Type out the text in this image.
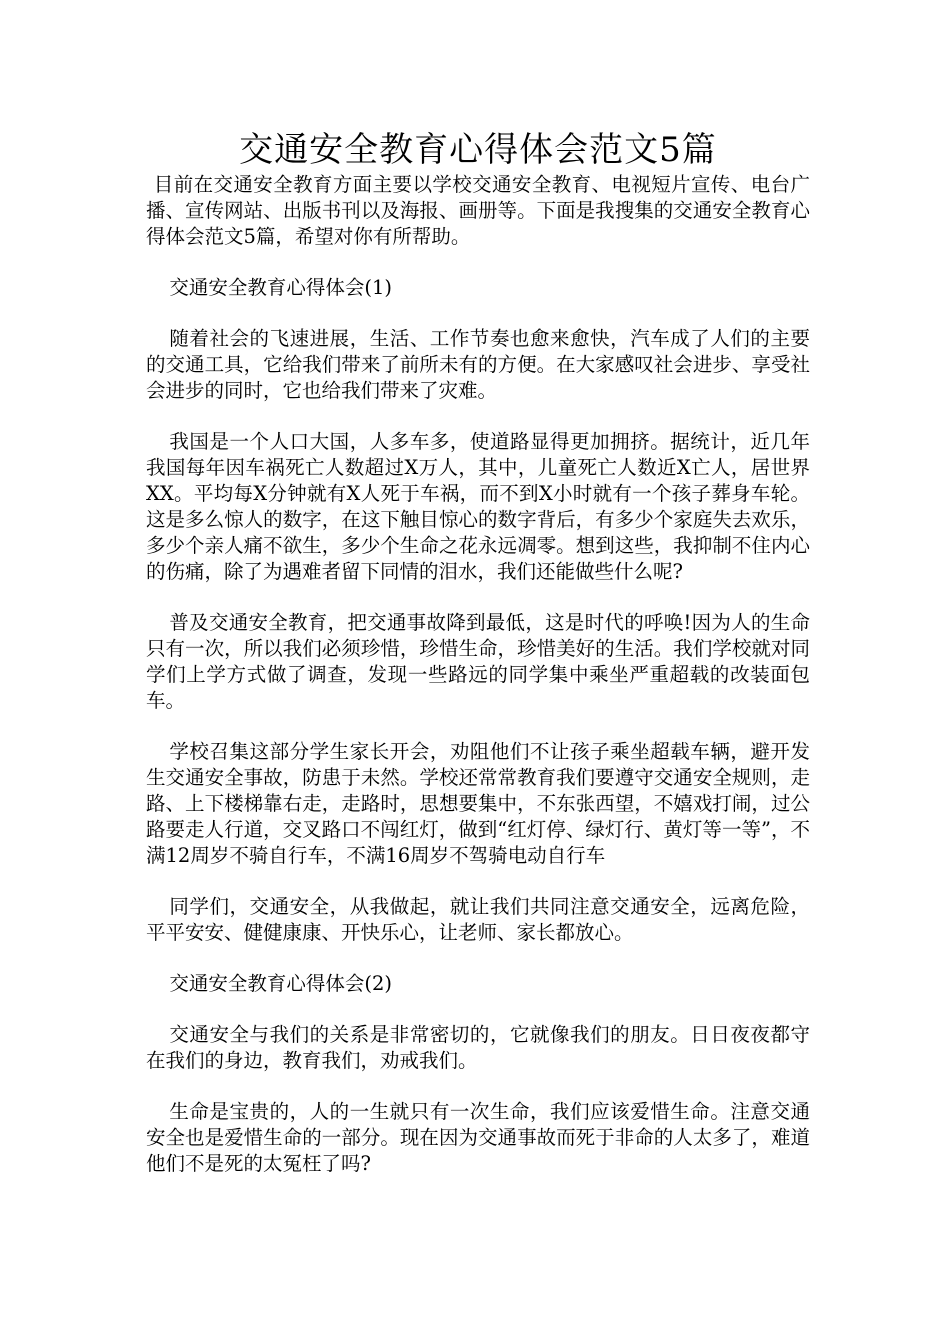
交通安全教育心得体会范文5篇

目前在交通安全教育方面主要以学校交通安全教育、电视短片宣传、电台广播、宣传网站、出版书刊以及海报、画册等。下面是我搜集的交通安全教育心得体会范文5篇，希望对你有所帮助。

交通安全教育心得体会(1)

随着社会的飞速进展，生活、工作节奏也愈来愈快，汽车成了人们的主要的交通工具，它给我们带来了前所未有的方便。在大家感叹社会进步、享受社会进步的同时，它也给我们带来了灾难。

我国是一个人口大国，人多车多，使道路显得更加拥挤。据统计，近几年我国每年因车祸死亡人数超过X万人，其中，儿童死亡人数近X亡人，居世界XX。平均每X分钟就有X人死于车祸，而不到X小时就有一个孩子葬身车轮。这是多么惊人的数字，在这下触目惊心的数字背后，有多少个家庭失去欢乐，多少个亲人痛不欲生，多少个生命之花永远凋零。想到这些，我抑制不住内心的伤痛，除了为遇难者留下同情的泪水，我们还能做些什么呢?

普及交通安全教育，把交通事故降到最低，这是时代的呼唤!因为人的生命只有一次，所以我们必须珍惜，珍惜生命，珍惜美好的生活。我们学校就对同学们上学方式做了调查，发现一些路远的同学集中乘坐严重超载的改装面包车。

学校召集这部分学生家长开会，劝阻他们不让孩子乘坐超载车辆，避开发生交通安全事故，防患于未然。学校还常常教育我们要遵守交通安全规则，走路、上下楼梯靠右走，走路时，思想要集中，不东张西望，不嬉戏打闹，过公路要走人行道，交叉路口不闯红灯，做到“红灯停、绿灯行、黄灯等一等”，不满12周岁不骑自行车，不满16周岁不驾骑电动自行车

同学们，交通安全，从我做起，就让我们共同注意交通安全，远离危险，平平安安、健健康康、开快乐心，让老师、家长都放心。

交通安全教育心得体会(2)

交通安全与我们的关系是非常密切的，它就像我们的朋友。日日夜夜都守在我们的身边，教育我们，劝戒我们。

生命是宝贵的，人的一生就只有一次生命，我们应该爱惜生命。注意交通安全也是爱惜生命的一部分。现在因为交通事故而死于非命的人太多了，难道他们不是死的太冤枉了吗?
